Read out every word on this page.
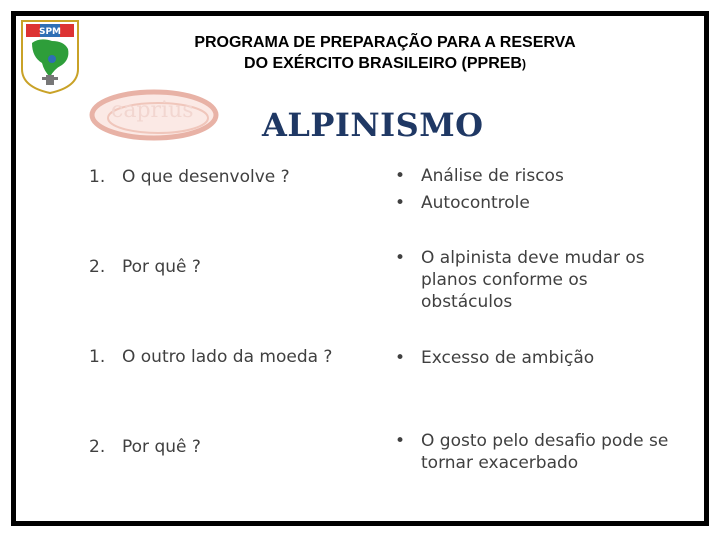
SPM
PROGRAMA DE PREPARAÇÃO PARA A RESERVA
DO EXÉRCITO BRASILEIRO (PPREB)
caprius ALPINISMO
1. O que desenvolve ?	• Análise de riscos
• Autocontrole
2. Por quê ?	• O alpinista deve mudar os planos conforme os obstáculos
1. O outro lado da moeda ?	• Excesso de ambição
2. Por quê ?	• O gosto pelo desafio pode se tornar exacerbado
